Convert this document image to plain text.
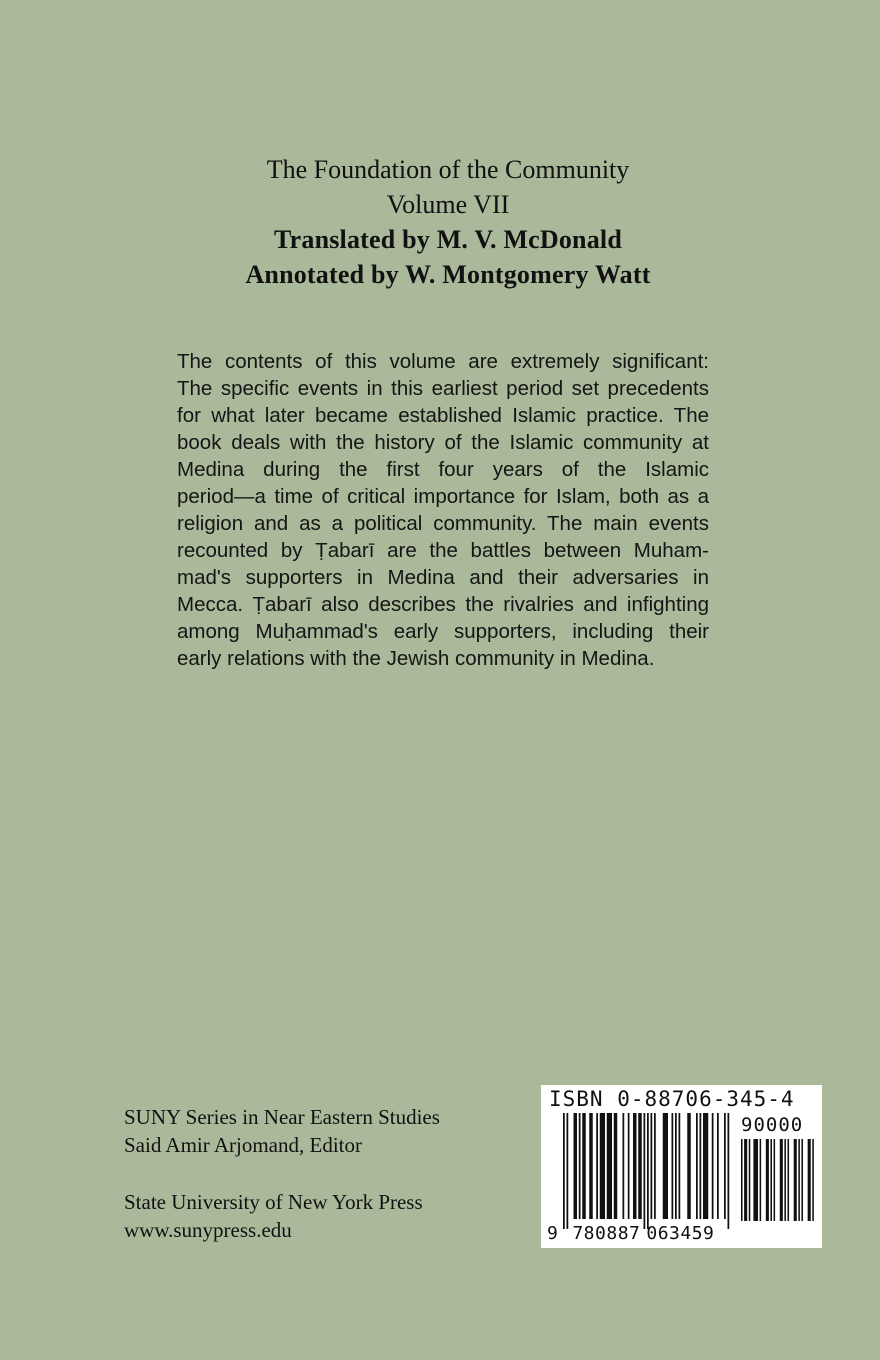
The Foundation of the Community
Volume VII
Translated by M. V. McDonald
Annotated by W. Montgomery Watt
The contents of this volume are extremely significant:
The specific events in this earliest period set precedents
for what later became established Islamic practice. The
book deals with the history of the Islamic community at
Medina during the first four years of the Islamic
period—a time of critical importance for Islam, both as a
religion and as a political community. The main events
recounted by Ṭabarī are the battles between Muham-
mad's supporters in Medina and their adversaries in
Mecca. Ṭabarī also describes the rivalries and infighting
among Muḥammad's early supporters, including their
early relations with the Jewish community in Medina.
SUNY Series in Near Eastern Studies
Said Amir Arjomand, Editor
State University of New York Press
www.sunypress.edu
ISBN 0-88706-345-4
90000
9 780887 063459
